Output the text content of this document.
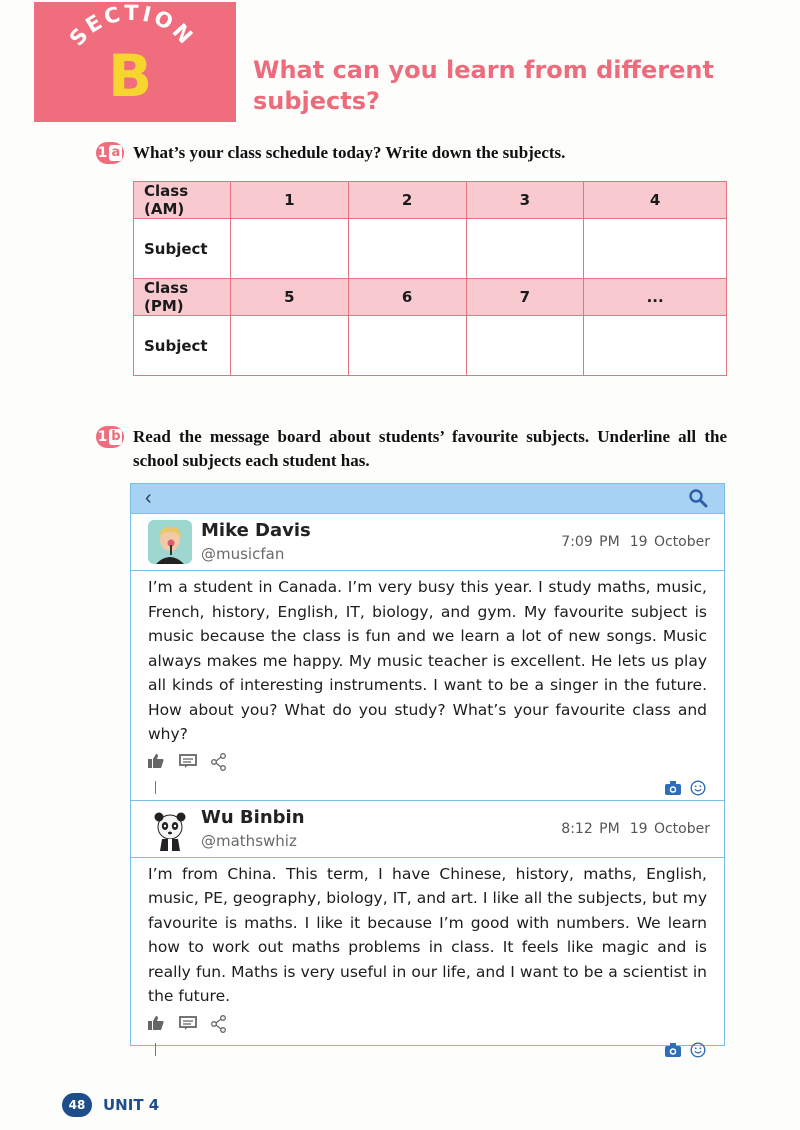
SECTION
B	What can you learn from different subjects?
1 a What’s your class schedule today? Write down the subjects.
Class (AM)	1	2	3	4
Subject				
Class (PM)	5	6	7	...
Subject				
1 b Read the message board about students’ favourite subjects. Underline all the school subjects each student has.
‹
Mike Davis
@musicfan
7:09 PM 19 October
I’m a student in Canada. I’m very busy this year. I study maths, music, French, history, English, IT, biology, and gym. My favourite subject is music because the class is fun and we learn a lot of new songs. Music always makes me happy. My music teacher is excellent. He lets us play all kinds of interesting instruments. I want to be a singer in the future. How about you? What do you study? What’s your favourite class and why?
Wu Binbin
@mathswhiz
8:12 PM 19 October
I’m from China. This term, I have Chinese, history, maths, English, music, PE, geography, biology, IT, and art. I like all the subjects, but my favourite is maths. I like it because I’m good with numbers. We learn how to work out maths problems in class. It feels like magic and is really fun. Maths is very useful in our life, and I want to be a scientist in the future.
48	UNIT 4
